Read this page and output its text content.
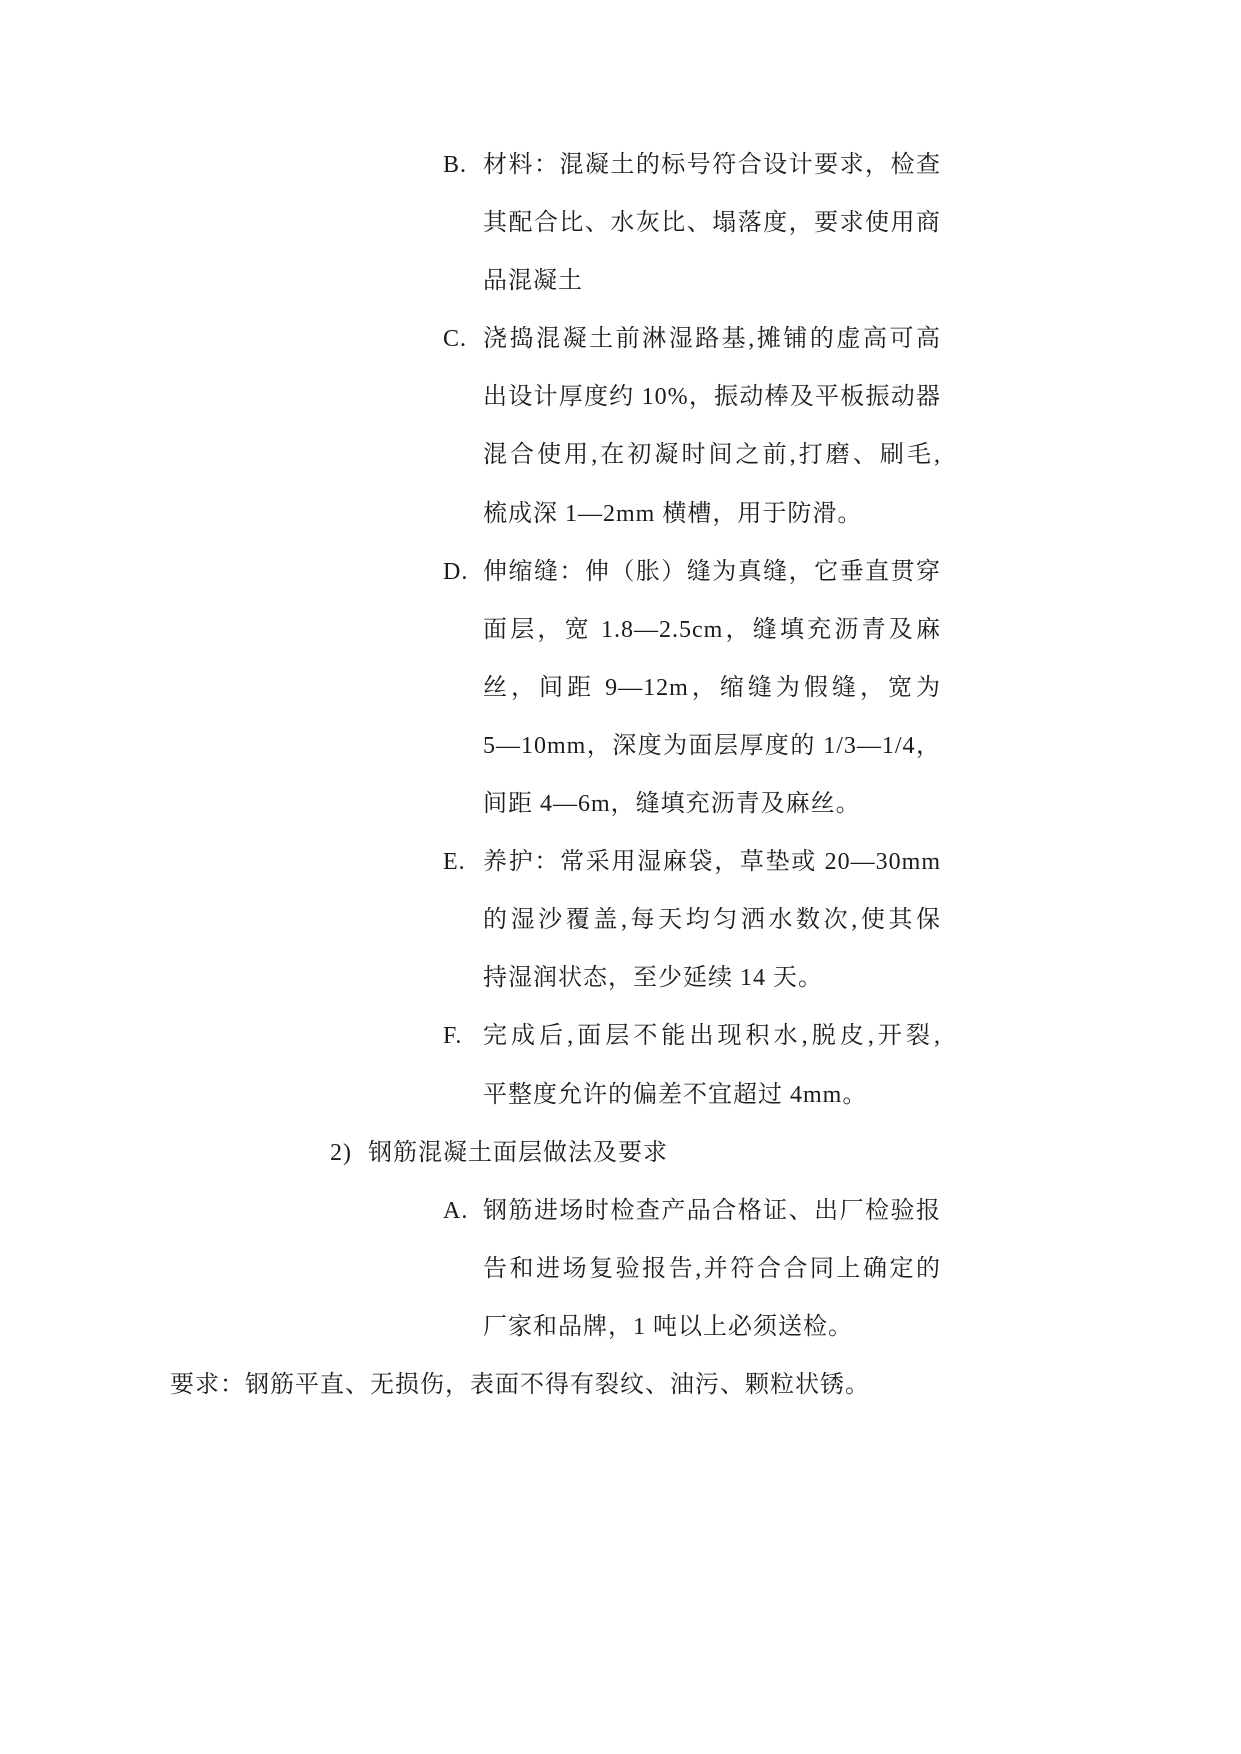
B. 材料：混凝土的标号符合设计要求，检查
其配合比、水灰比、塌落度，要求使用商
品混凝土
C. 浇捣混凝土前淋湿路基,摊铺的虚高可高
出设计厚度约 10%，振动棒及平板振动器
混合使用,在初凝时间之前,打磨、刷毛,
梳成深 1—2mm 横槽，用于防滑。
D. 伸缩缝：伸（胀）缝为真缝，它垂直贯穿
面层，宽 1.8—2.5cm，缝填充沥青及麻
丝，间距 9—12m，缩缝为假缝，宽为
5—10mm，深度为面层厚度的 1/3—1/4，
间距 4—6m，缝填充沥青及麻丝。
E. 养护：常采用湿麻袋，草垫或 20—30mm
的湿沙覆盖,每天均匀洒水数次,使其保
持湿润状态，至少延续 14 天。
F. 完成后,面层不能出现积水,脱皮,开裂,
平整度允许的偏差不宜超过 4mm。
2) 钢筋混凝土面层做法及要求
A. 钢筋进场时检查产品合格证、出厂检验报
告和进场复验报告,并符合合同上确定的
厂家和品牌，1 吨以上必须送检。
要求：钢筋平直、无损伤，表面不得有裂纹、油污、颗粒状锈。
